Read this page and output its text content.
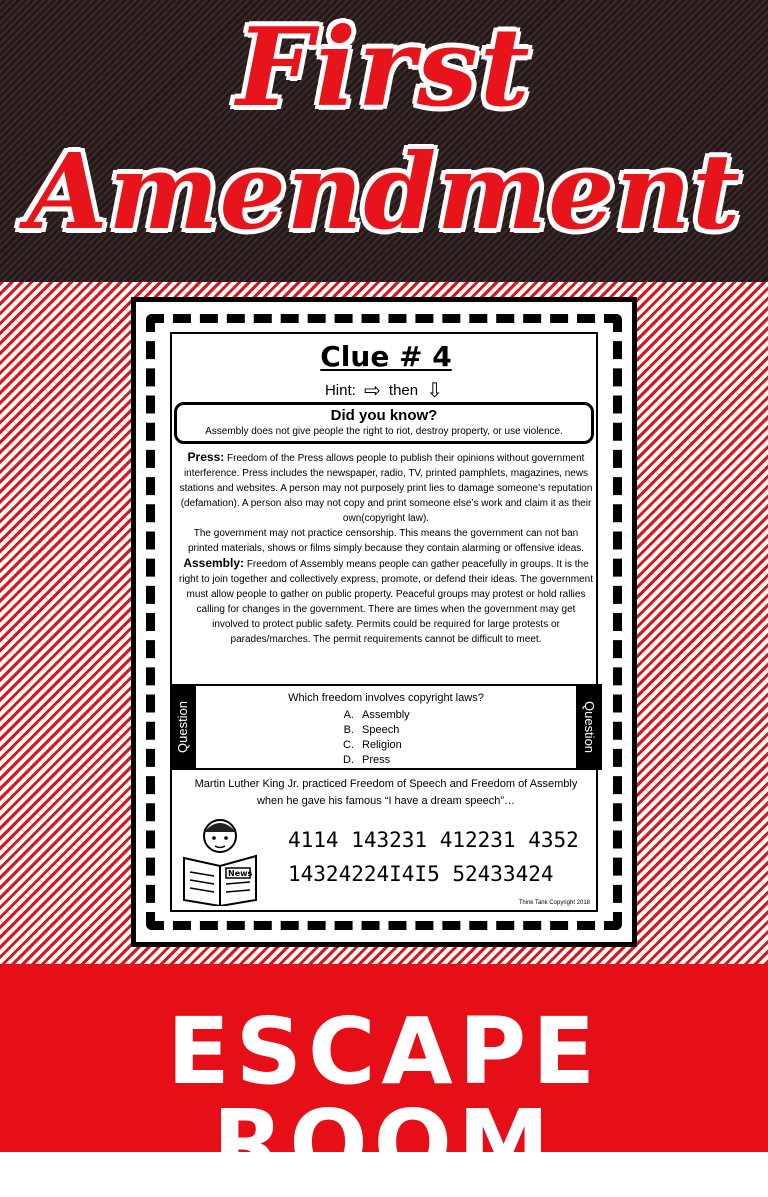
First
Amendment
Clue # 4
Hint: ⇨ then ⇩
Did you know?
Assembly does not give people the right to riot, destroy property, or use violence.
Press: Freedom of the Press allows people to publish their opinions without government interference. Press includes the newspaper, radio, TV, printed pamphlets, magazines, news stations and websites. A person may not purposely print lies to damage someone’s reputation (defamation). A person also may not copy and print someone else’s work and claim it as their own(copyright law).
The government may not practice censorship. This means the government can not ban printed materials, shows or films simply because they contain alarming or offensive ideas.
Assembly: Freedom of Assembly means people can gather peacefully in groups. It is the right to join together and collectively express, promote, or defend their ideas. The government must allow people to gather on public property. Peaceful groups may protest or hold rallies calling for changes in the government. There are times when the government may get involved to protect public safety. Permits could be required for large protests or parades/marches. The permit requirements cannot be difficult to meet.
Question	Question
Which freedom involves copyright laws?
A. Assembly
B. Speech
C. Religion
D. Press
Martin Luther King Jr. practiced Freedom of Speech and Freedom of Assembly when he gave his famous “I have a dream speech”…
News
4114 143231 412231 4352
14324224I4I5 52433424
Think Tank Copyright 2018
ESCAPE ROOM
